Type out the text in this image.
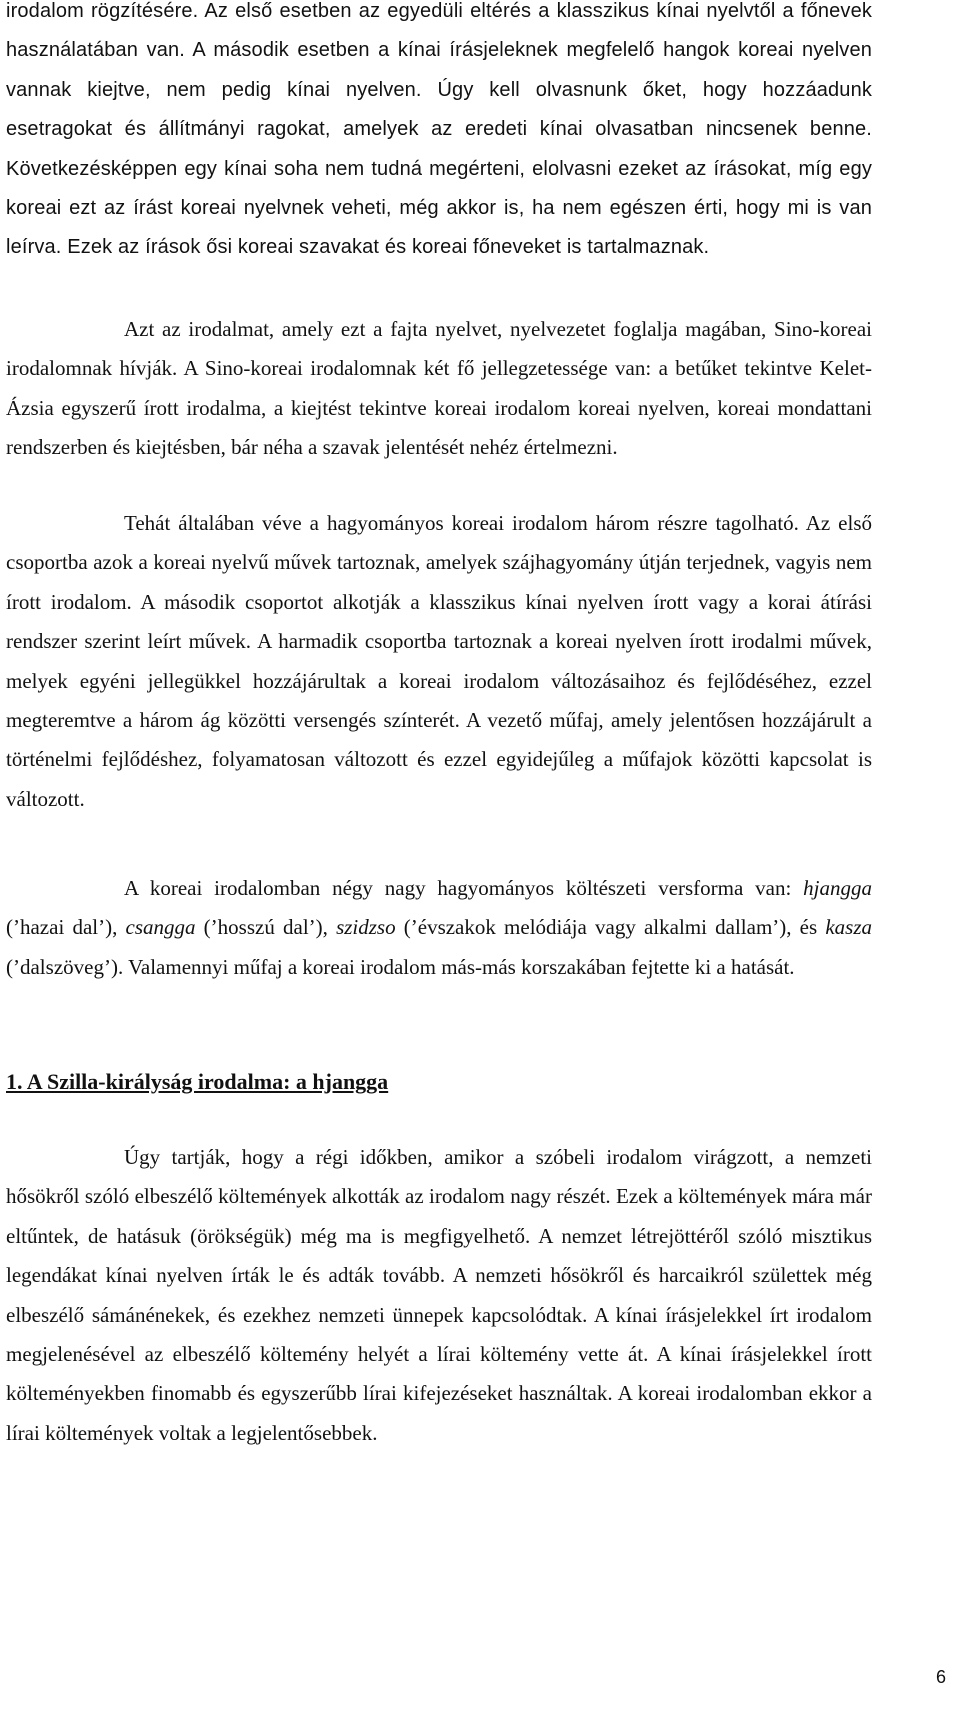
irodalom rögzítésére. Az első esetben az egyedüli eltérés a klasszikus kínai nyelvtől a főnevek használatában van. A második esetben a kínai írásjeleknek megfelelő hangok koreai nyelven vannak kiejtve, nem pedig kínai nyelven. Úgy kell olvasnunk őket, hogy hozzáadunk esetragokat és állítmányi ragokat, amelyek az eredeti kínai olvasatban nincsenek benne. Következésképpen egy kínai soha nem tudná megérteni, elolvasni ezeket az írásokat, míg egy koreai ezt az írást koreai nyelvnek veheti, még akkor is, ha nem egészen érti, hogy mi is van leírva. Ezek az írások ősi koreai szavakat és koreai főneveket is tartalmaznak.

Azt az irodalmat, amely ezt a fajta nyelvet, nyelvezetet foglalja magában, Sino-koreai irodalomnak hívják. A Sino-koreai irodalomnak két fő jellegzetessége van: a betűket tekintve Kelet-Ázsia egyszerű írott irodalma, a kiejtést tekintve koreai irodalom koreai nyelven, koreai mondattani rendszerben és kiejtésben, bár néha a szavak jelentését nehéz értelmezni.

Tehát általában véve a hagyományos koreai irodalom három részre tagolható. Az első csoportba azok a koreai nyelvű művek tartoznak, amelyek szájhagyomány útján terjednek, vagyis nem írott irodalom. A második csoportot alkotják a klasszikus kínai nyelven írott vagy a korai átírási rendszer szerint leírt művek. A harmadik csoportba tartoznak a koreai nyelven írott irodalmi művek, melyek egyéni jellegükkel hozzájárultak a koreai irodalom változásaihoz és fejlődéséhez, ezzel megteremtve a három ág közötti versengés színterét. A vezető műfaj, amely jelentősen hozzájárult a történelmi fejlődéshez, folyamatosan változott és ezzel egyidejűleg a műfajok közötti kapcsolat is változott.

A koreai irodalomban négy nagy hagyományos költészeti versforma van: hjangga (’hazai dal’), csangga (’hosszú dal’), szidzso (’évszakok melódiája vagy alkalmi dallam’), és kasza (’dalszöveg’). Valamennyi műfaj a koreai irodalom más-más korszakában fejtette ki a hatását.

1. A Szilla-királyság irodalma: a hjangga

Úgy tartják, hogy a régi időkben, amikor a szóbeli irodalom virágzott, a nemzeti hősökről szóló elbeszélő költemények alkották az irodalom nagy részét. Ezek a költemények mára már eltűntek, de hatásuk (örökségük) még ma is megfigyelhető. A nemzet létrejöttéről szóló misztikus legendákat kínai nyelven írták le és adták tovább. A nemzeti hősökről és harcaikról születtek még elbeszélő sámánénekek, és ezekhez nemzeti ünnepek kapcsolódtak. A kínai írásjelekkel írt irodalom megjelenésével az elbeszélő költemény helyét a lírai költemény vette át. A kínai írásjelekkel írott költeményekben finomabb és egyszerűbb lírai kifejezéseket használtak. A koreai irodalomban ekkor a lírai költemények voltak a legjelentősebbek.

6
